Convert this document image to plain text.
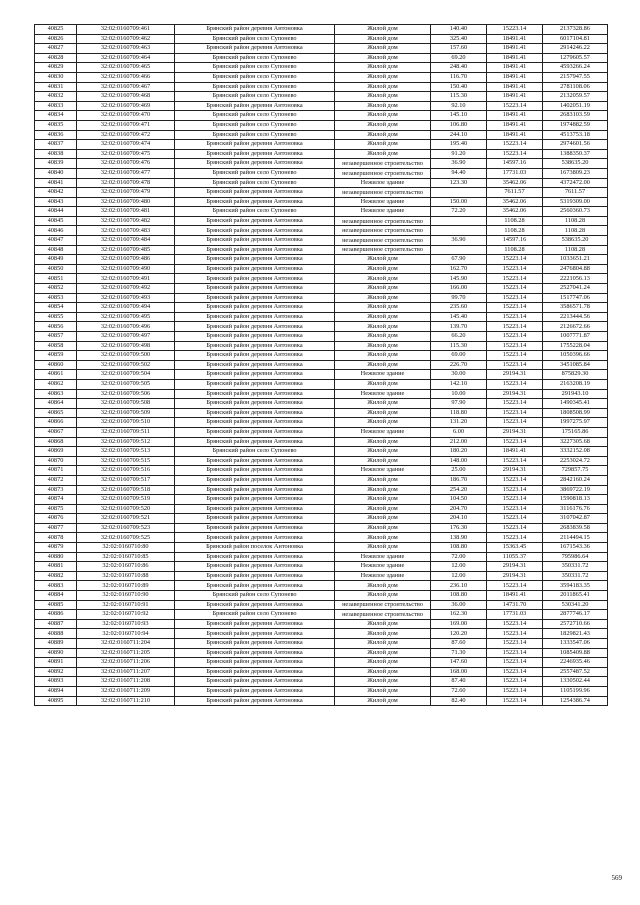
40825	32:02:0160709:461	Брянский район деревня Антоновка	Жилой дом	140.40	15223.14	2137328.86
40826	32:02:0160709:462	Брянский район село Супонево	Жилой дом	325.40	18491.41	6017104.81
40827	32:02:0160709:463	Брянский район деревня Антоновка	Жилой дом	157.60	18491.41	2914246.22
40828	32:02:0160709:464	Брянский район село Супонево	Жилой дом	69.20	18491.41	1279605.57
40829	32:02:0160709:465	Брянский район село Супонево	Жилой дом	248.40	18491.41	4593266.24
40830	32:02:0160709:466	Брянский район село Супонево	Жилой дом	116.70	18491.41	2157947.55
40831	32:02:0160709:467	Брянский район село Супонево	Жилой дом	150.40	18491.41	2781108.06
40832	32:02:0160709:468	Брянский район село Супонево	Жилой дом	115.30	18491.41	2132059.57
40833	32:02:0160709:469	Брянский район деревня Антоновка	Жилой дом	92.10	15223.14	1402051.19
40834	32:02:0160709:470	Брянский район село Супонево	Жилой дом	145.10	18491.41	2683103.59
40835	32:02:0160709:471	Брянский район село Супонево	Жилой дом	106.80	18491.41	1974882.59
40836	32:02:0160709:472	Брянский район село Супонево	Жилой дом	244.10	18491.41	4513753.18
40837	32:02:0160709:474	Брянский район деревня Антоновка	Жилой дом	195.40	15223.14	2974601.56
40838	32:02:0160709:475	Брянский район деревня Антоновка	Жилой дом	91.20	15223.14	1388350.37
40839	32:02:0160709:476	Брянский район деревня Антоновка	незавершенное строительство	36.90	14597.16	538635.20
40840	32:02:0160709:477	Брянский район село Супонево	незавершенное строительство	94.40	17731.03	1673809.23
40841	32:02:0160709:478	Брянский район село Супонево	Нежилое здание	123.30	35462.06	4372472.00
40842	32:02:0160709:479	Брянский район деревня Антоновка	незавершенное строительство		7611.57	7611.57
40843	32:02:0160709:480	Брянский район деревня Антоновка	Нежилое здание	150.00	35462.06	5319309.00
40844	32:02:0160709:481	Брянский район село Супонево	Нежилое здание	72.20	35462.06	2560360.73
40845	32:02:0160709:482	Брянский район деревня Антоновка	незавершенное строительство		1108.28	1108.28
40846	32:02:0160709:483	Брянский район деревня Антоновка	незавершенное строительство		1108.28	1108.28
40847	32:02:0160709:484	Брянский район деревня Антоновка	незавершенное строительство	36.90	14597.16	538635.20
40848	32:02:0160709:485	Брянский район деревня Антоновка	незавершенное строительство		1108.28	1108.28
40849	32:02:0160709:486	Брянский район деревня Антоновка	Жилой дом	67.90	15223.14	1033651.21
40850	32:02:0160709:490	Брянский район деревня Антоновка	Жилой дом	162.70	15223.14	2476804.88
40851	32:02:0160709:491	Брянский район деревня Антоновка	Жилой дом	145.90	15223.14	2221056.13
40852	32:02:0160709:492	Брянский район деревня Антоновка	Жилой дом	166.00	15223.14	2527041.24
40853	32:02:0160709:493	Брянский район деревня Антоновка	Жилой дом	99.70	15223.14	1517747.06
40854	32:02:0160709:494	Брянский район деревня Антоновка	Жилой дом	235.60	15223.14	3586571.78
40855	32:02:0160709:495	Брянский район деревня Антоновка	Жилой дом	145.40	15223.14	2213444.56
40856	32:02:0160709:496	Брянский район деревня Антоновка	Жилой дом	139.70	15223.14	2126672.66
40857	32:02:0160709:497	Брянский район деревня Антоновка	Жилой дом	66.20	15223.14	1007771.87
40858	32:02:0160709:498	Брянский район деревня Антоновка	Жилой дом	115.30	15223.14	1755228.04
40859	32:02:0160709:500	Брянский район деревня Антоновка	Жилой дом	69.00	15223.14	1050396.66
40860	32:02:0160709:502	Брянский район деревня Антоновка	Жилой дом	226.70	15223.14	3451085.84
40861	32:02:0160709:504	Брянский район деревня Антоновка	Нежилое здание	30.00	29194.31	875829.30
40862	32:02:0160709:505	Брянский район деревня Антоновка	Жилой дом	142.10	15223.14	2163208.19
40863	32:02:0160709:506	Брянский район деревня Антоновка	Нежилое здание	10.00	29194.31	291943.10
40864	32:02:0160709:508	Брянский район деревня Антоновка	Жилой дом	97.90	15223.14	1490345.41
40865	32:02:0160709:509	Брянский район деревня Антоновка	Жилой дом	118.80	15223.14	1808508.99
40866	32:02:0160709:510	Брянский район деревня Антоновка	Жилой дом	131.20	15223.14	1997275.97
40867	32:02:0160709:511	Брянский район деревня Антоновка	Нежилое здание	6.00	29194.31	175165.86
40868	32:02:0160709:512	Брянский район деревня Антоновка	Жилой дом	212.00	15223.14	3227305.68
40869	32:02:0160709:513	Брянский район село Супонево	Жилой дом	180.20	18491.41	3332152.08
40870	32:02:0160709:515	Брянский район деревня Антоновка	Жилой дом	148.00	15223.14	2253024.72
40871	32:02:0160709:516	Брянский район деревня Антоновка	Нежилое здание	25.00	29194.31	729857.75
40872	32:02:0160709:517	Брянский район деревня Антоновка	Жилой дом	186.70	15223.14	2842160.24
40873	32:02:0160709:518	Брянский район деревня Антоновка	Жилой дом	254.20	15223.14	3869722.19
40874	32:02:0160709:519	Брянский район деревня Антоновка	Жилой дом	104.50	15223.14	1590818.13
40875	32:02:0160709:520	Брянский район деревня Антоновка	Жилой дом	204.70	15223.14	3116176.76
40876	32:02:0160709:521	Брянский район деревня Антоновка	Жилой дом	204.10	15223.14	3107042.87
40877	32:02:0160709:523	Брянский район деревня Антоновка	Жилой дом	176.30	15223.14	2683839.58
40878	32:02:0160709:525	Брянский район деревня Антоновка	Жилой дом	138.90	15223.14	2114494.15
40879	32:02:0160710:80	Брянский район поселок Антоновка	Жилой дом	108.80	15363.45	1671543.36
40880	32:02:0160710:85	Брянский район деревня Антоновка	Нежилое здание	72.00	11055.37	795986.64
40881	32:02:0160710:86	Брянский район деревня Антоновка	Нежилое здание	12.00	29194.31	350331.72
40882	32:02:0160710:88	Брянский район деревня Антоновка	Нежилое здание	12.00	29194.31	350331.72
40883	32:02:0160710:89	Брянский район деревня Антоновка	Жилой дом	236.10	15223.14	3594183.35
40884	32:02:0160710:90	Брянский район село Супонево	Жилой дом	108.80	18491.41	2011865.41
40885	32:02:0160710:91	Брянский район деревня Антоновка	незавершенное строительство	36.00	14731.70	530341.20
40886	32:02:0160710:92	Брянский район село Супонево	незавершенное строительство	162.30	17731.03	2877746.17
40887	32:02:0160710:93	Брянский район деревня Антоновка	Жилой дом	169.00	15223.14	2572710.66
40888	32:02:0160710:94	Брянский район деревня Антоновка	Жилой дом	120.20	15223.14	1829821.43
40889	32:02:0160711:204	Брянский район деревня Антоновка	Жилой дом	87.60	15223.14	1333547.06
40890	32:02:0160711:205	Брянский район деревня Антоновка	Жилой дом	71.30	15223.14	1085409.88
40891	32:02:0160711:206	Брянский район деревня Антоновка	Жилой дом	147.60	15223.14	2246935.46
40892	32:02:0160711:207	Брянский район деревня Антоновка	Жилой дом	168.00	15223.14	2557487.52
40893	32:02:0160711:208	Брянский район деревня Антоновка	Жилой дом	87.40	15223.14	1330502.44
40894	32:02:0160711:209	Брянский район деревня Антоновка	Жилой дом	72.60	15223.14	1105199.96
40895	32:02:0160711:210	Брянский район деревня Антоновка	Жилой дом	82.40	15223.14	1254386.74
569
